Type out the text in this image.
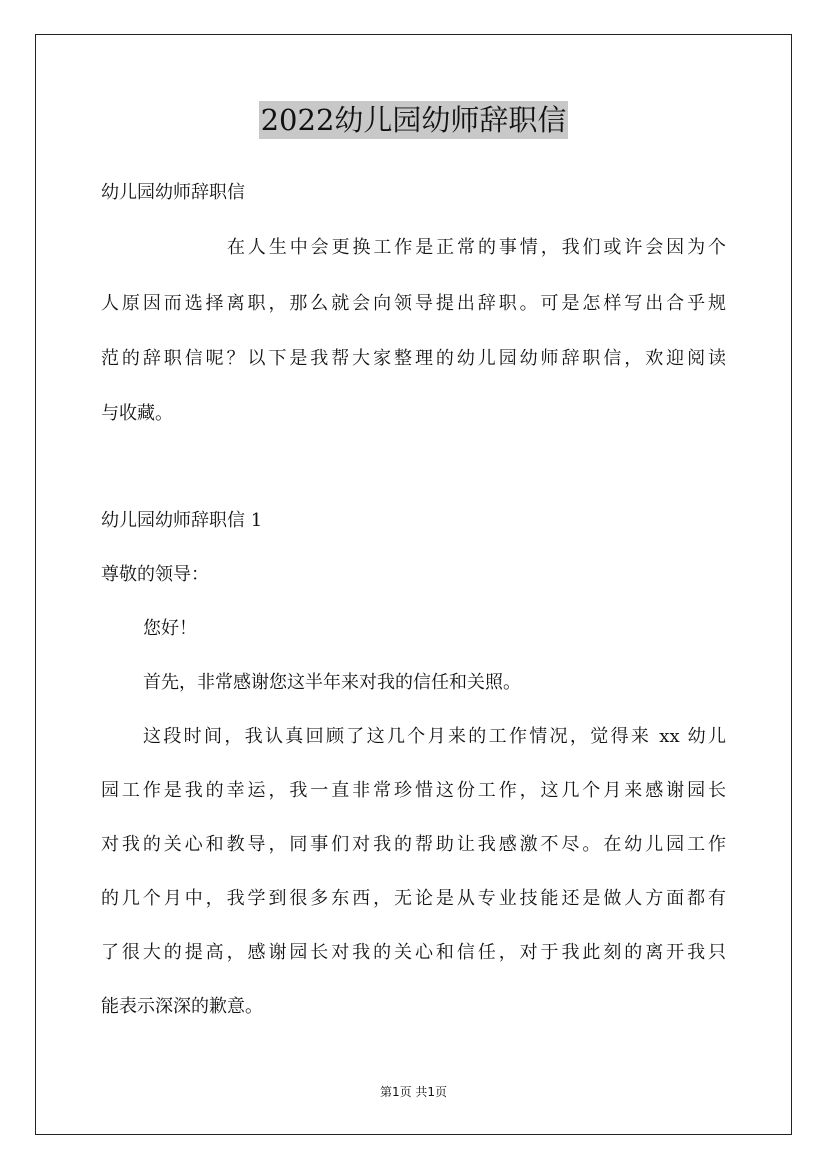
2022幼儿园幼师辞职信
幼儿园幼师辞职信
在人生中会更换工作是正常的事情，我们或许会因为个
人原因而选择离职，那么就会向领导提出辞职。可是怎样写出合乎规
范的辞职信呢？以下是我帮大家整理的幼儿园幼师辞职信，欢迎阅读
与收藏。
幼儿园幼师辞职信 1
尊敬的领导：
您好！
首先，非常感谢您这半年来对我的信任和关照。
这段时间，我认真回顾了这几个月来的工作情况，觉得来 xx 幼儿
园工作是我的幸运，我一直非常珍惜这份工作，这几个月来感谢园长
对我的关心和教导，同事们对我的帮助让我感激不尽。在幼儿园工作
的几个月中，我学到很多东西，无论是从专业技能还是做人方面都有
了很大的提高，感谢园长对我的关心和信任，对于我此刻的离开我只
能表示深深的歉意。
第1页 共1页
